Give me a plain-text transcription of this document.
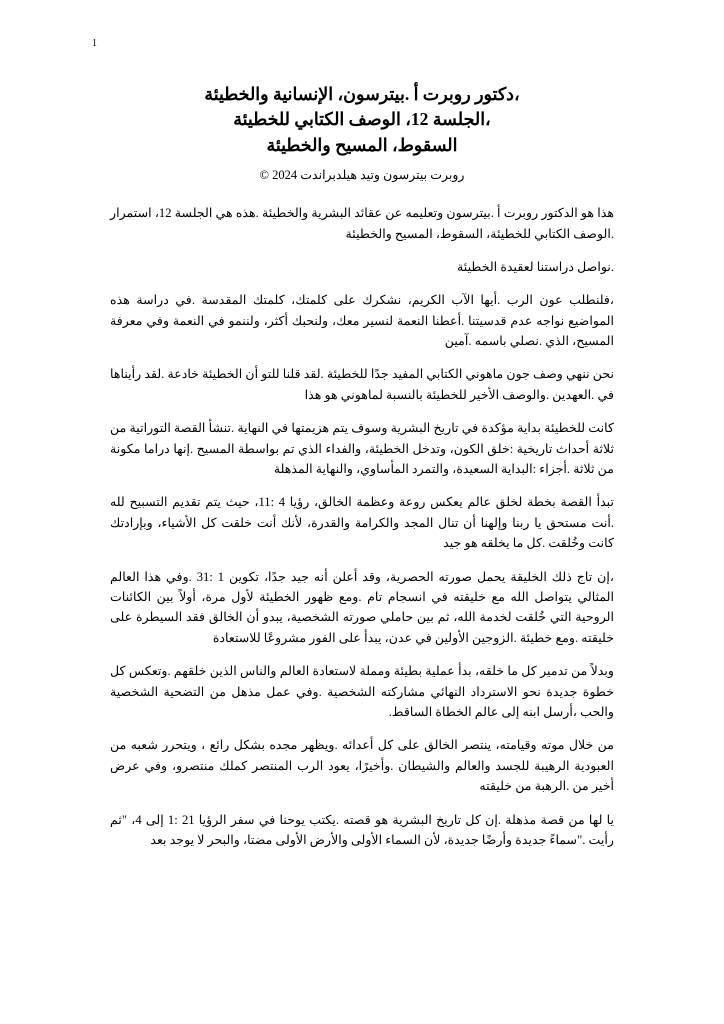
1
،دكتور روبرت أ .بيترسون، الإنسانية والخطيئة
،الجلسة 12، الوصف الكتابي للخطيئة
السقوط، المسيح والخطيئة
روبرت بيترسون وتيد هيلدبراندت 2024 ©

هذا هو الدكتور روبرت أ .بيترسون وتعليمه عن عقائد البشرية والخطيئة .هذه هي الجلسة 12، استمرار .الوصف الكتابي للخطيئة، السقوط، المسيح والخطيئة

.نواصل دراستنا لعقيدة الخطيئة

،فلنطلب عون الرب .أيها الآب الكريم، نشكرك على كلمتك، كلمتك المقدسة .في دراسة هذه المواضيع نواجه عدم قدسيتنا .أعطنا النعمة لنسير معك، ولنحبك أكثر، ولننمو في النعمة وفي معرفة المسيح، الذي .نصلي باسمه .آمين

نحن ننهي وصف جون ماهوني الكتابي المفيد جدًا للخطيئة .لقد قلنا للتو أن الخطيئة خادعة .لقد رأيناها في .العهدين .والوصف الأخير للخطيئة بالنسبة لماهوني هو هذا

كانت للخطيئة بداية مؤكدة في تاريخ البشرية وسوف يتم هزيمتها في النهاية .تنشأ القصة التوراتية من ثلاثة أحداث تاريخية :خلق الكون، وتدخل الخطيئة، والفداء الذي تم بواسطة المسيح .إنها دراما مكونة من ثلاثة .أجزاء :البداية السعيدة، والتمرد المأساوي، والنهاية المذهلة

تبدأ القصة بخطة لخلق عالم يعكس روعة وعظمة الخالق، رؤيا 4 :11، حيث يتم تقديم التسبيح لله .أنت مستحق يا ربنا وإلهنا أن تنال المجد والكرامة والقدرة، لأنك أنت خلقت كل الأشياء، وبإرادتك كانت وخُلقت .كل ما يخلقه هو جيد

،إن تاج ذلك الخليقة يحمل صورته الحصرية، وقد أعلن أنه جيد جدًا، تكوين 1 :31 .وفي هذا العالم المثالي يتواصل الله مع خليقته في انسجام تام .ومع ظهور الخطيئة لأول مرة، أولاً بين الكائنات الروحية التي خُلقت لخدمة الله، ثم بين حاملي صورته الشخصية، يبدو أن الخالق فقد السيطرة على خليقته .ومع خطيئة .الزوجين الأولين في عدن، يبدأ على الفور مشروعًا للاستعادة

وبدلاً من تدمير كل ما خلقه، بدأ عملية بطيئة ومملة لاستعادة العالم والناس الذين خلقهم .وتعكس كل خطوة جديدة نحو الاسترداد النهائي مشاركته الشخصية .وفي عمل مذهل من التضحية الشخصية والحب ،أرسل ابنه إلى عالم الخطاة الساقط.

من خلال موته وقيامته، ينتصر الخالق على كل أعدائه .ويظهر مجده بشكل رائع ، ويتحرر شعبه من العبودية الرهيبة للجسد والعالم والشيطان .وأخيرًا، يعود الرب المنتصر كملك منتصرو، وفي عرض أخير من .الرهبة من خليقته

يا لها من قصة مذهلة .إن كل تاريخ البشرية هو قصته .يكتب يوحنا في سفر الرؤيا 21 :1 إلى 4، "ثم رأيت ."سماءً جديدة وأرضًا جديدة، لأن السماء الأولى والأرض الأولى مضتا، والبحر لا يوجد بعد
